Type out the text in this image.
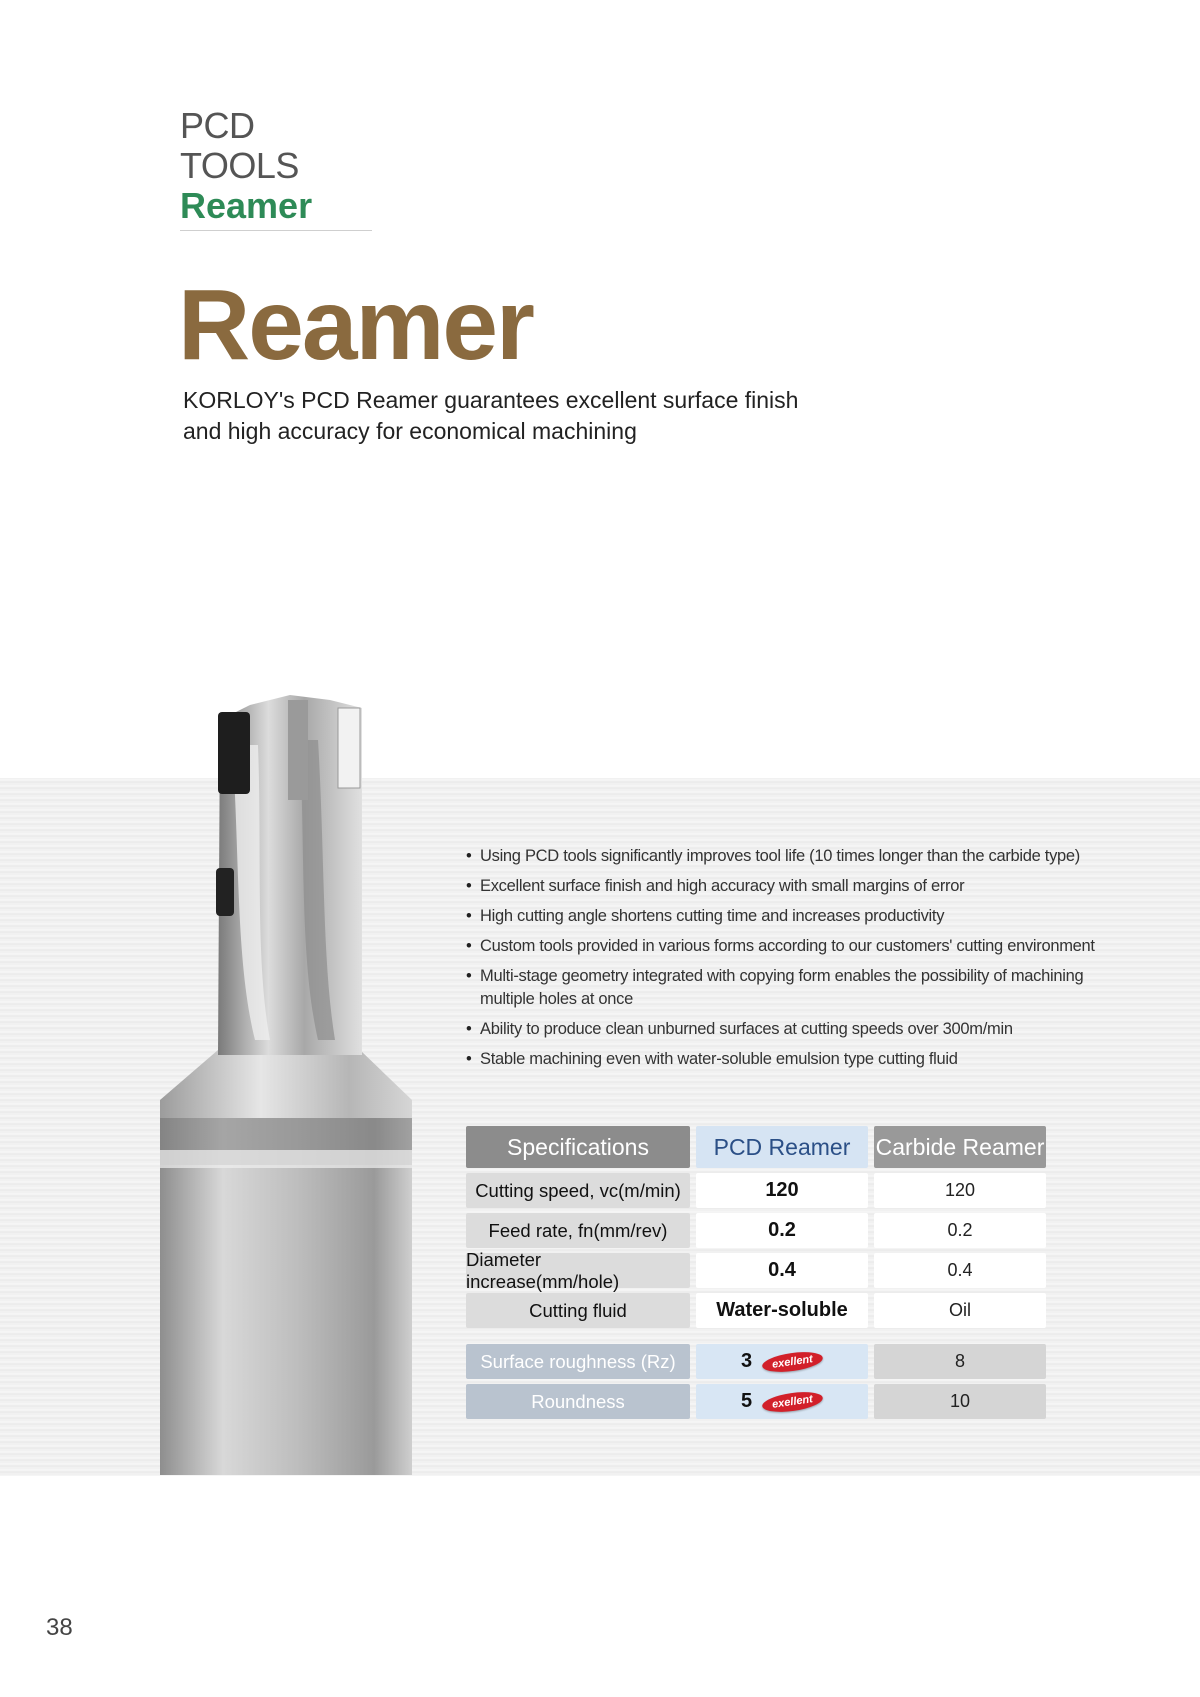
PCD TOOLS
Reamer
Reamer
KORLOY's PCD Reamer guarantees excellent surface finish
and high accuracy for economical machining
• Using PCD tools significantly improves tool life (10 times longer than the carbide type)
• Excellent surface finish and high accuracy with small margins of error
• High cutting angle shortens cutting time and increases productivity
• Custom tools provided in various forms according to our customers' cutting environment
• Multi-stage geometry integrated with copying form enables the possibility of machining multiple holes at once
• Ability to produce clean unburned surfaces at cutting speeds over 300m/min
• Stable machining even with water-soluble emulsion type cutting fluid
Specifications	PCD Reamer	Carbide Reamer
Cutting speed, vc(m/min)	120	120
Feed rate, fn(mm/rev)	0.2	0.2
Diameter increase(mm/hole)	0.4	0.4
Cutting fluid	Water-soluble	Oil
Surface roughness (Rz)	3	exellent	8
Roundness	5	exellent	10
38
